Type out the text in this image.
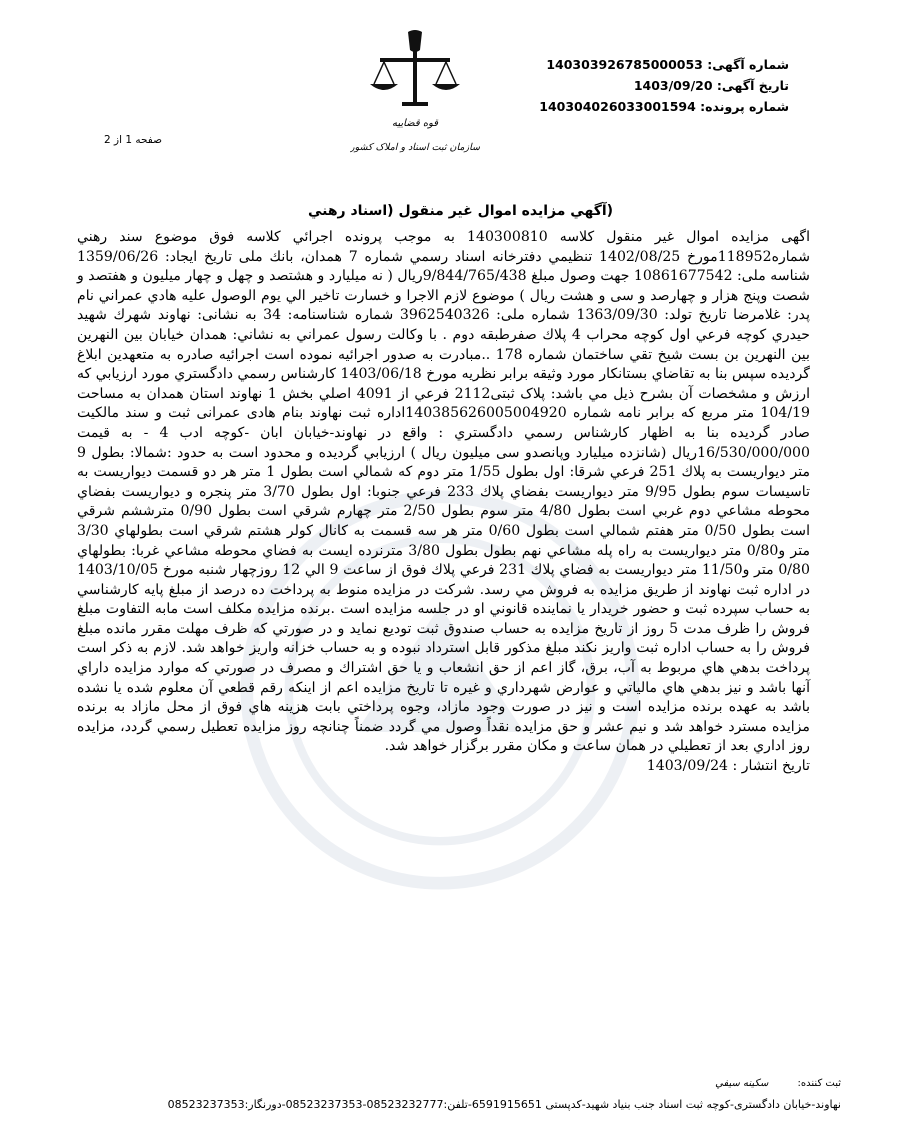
شماره آگهی: 140303926785000053
تاریخ آگهی: 1403/09/20
شماره پرونده: 140304026033001594
قوه قضاییه
سازمان ثبت اسناد و املاک کشور
صفحه 1 از 2
(آگهي مزايده اموال غير منقول (اسناد رهني

اگهی مزایده اموال غير منقول كلاسه 140300810 به موجب پرونده اجرائي كلاسه فوق موضوع سند رهني شماره118952مورخ 1402/08/25 تنظيمي دفترخانه اسناد رسمي شماره 7 همدان، بانك ملی تاریخ ایجاد: 1359/06/26 شناسه ملی: 10861677542 جهت وصول مبلغ 9/844/765/438ريال ( نه ميليارد و هشتصد و چهل و چهار ميليون و هفتصد و شصت وپنج هزار و چهارصد و سی و هشت ريال ) موضوع لازم الاجرا و خسارت تاخير الي يوم الوصول عليه هادي عمراني نام پدر: غلامرضا تاریخ تولد: 1363/09/30 شماره ملی: 3962540326 شماره شناسنامه: 34 به نشانی: نهاوند شهرك شهيد حيدري كوچه فرعي اول كوچه محراب 4 پلاك صفرطبقه دوم . با وكالت رسول عمراني به نشاني: همدان خيابان بين النهرين بين النهرين بن بست شيخ تقي ساختمان شماره 178 ..مبادرت به صدور اجرائيه نموده است اجرائيه صادره به متعهدين ابلاغ گرديده سپس بنا به تقاضاي بستانكار مورد وثيقه برابر نظريه مورخ 1403/06/18 كارشناس رسمي دادگستري مورد ارزيابي كه ارزش و مشخصات آن بشرح ذيل مي باشد: پلاک ثبتی2112 فرعي از 4091 اصلي بخش 1 نهاوند استان همدان به مساحت 104/19 متر مربع كه برابر نامه شماره 140385626005004920اداره ثبت نهاوند بنام هادی عمرانی ثبت و سند مالكيت صادر گرديده بنا به اظهار كارشناس رسمي دادگستري : واقع در نهاوند-خيابان ابان -كوچه ادب 4 - به قيمت 16/530/000/000ريال (شانزده ميليارد وپانصدو سی ميليون ريال ) ارزيابي گرديده و محدود است به حدود :شمالا: بطول 9 متر ديواريست به پلاك 251 فرعي شرقا: اول بطول 1/55 متر دوم كه شمالي است بطول 1 متر هر دو قسمت ديواريست به تاسيسات سوم بطول 9/95 متر ديواريست بفضاي پلاك 233 فرعي جنوبا: اول بطول 3/70 متر پنجره و ديواريست بفضاي محوطه مشاعي دوم غربي است بطول 4/80 متر سوم بطول 2/50 متر چهارم شرقي است بطول 0/90 مترششم شرقي است بطول 0/50 متر هفتم شمالي است بطول 0/60 متر هر سه قسمت به كانال كولر هشتم شرقي است بطولهاي 3/30 متر و0/80 متر ديواريست به راه پله مشاعي نهم بطول بطول 3/80 مترنرده ايست به فضاي محوطه مشاعي غربا: بطولهاي 0/80 متر و11/50 متر ديواريست به فضاي پلاك 231 فرعي پلاك فوق از ساعت 9 الي 12 روزچهار شنبه مورخ 1403/10/05 در اداره ثبت نهاوند از طريق مزايده به فروش مي رسد. شركت در مزايده منوط به پرداخت ده درصد از مبلغ پايه كارشناسي به حساب سپرده ثبت و حضور خريدار يا نماينده قانوني او در جلسه مزايده است .برنده مزايده مكلف است مابه التفاوت مبلغ فروش را ظرف مدت 5 روز از تاريخ مزايده به حساب صندوق ثبت توديع نمايد و در صورتي كه ظرف مهلت مقرر مانده مبلغ فروش را به حساب اداره ثبت واريز نكند مبلغ مذكور قابل استرداد نبوده و به حساب خزانه واريز خواهد شد. لازم به ذكر است پرداخت بدهي هاي مربوط به آب، برق، گاز اعم از حق انشعاب و يا حق اشتراك و مصرف در صورتي كه موارد مزايده داراي آنها باشد و نيز بدهي هاي مالياتي و عوارض شهرداري و غيره تا تاريخ مزايده اعم از اينكه رقم قطعي آن معلوم شده يا نشده باشد به عهده برنده مزايده است و نيز در صورت وجود مازاد، وجوه پرداختي بابت هزينه هاي فوق از محل مازاد به برنده مزايده مسترد خواهد شد و نيم عشر و حق مزايده نقداً وصول مي گردد ضمناً چنانچه روز مزايده تعطيل رسمي گردد، مزايده روز اداري بعد از تعطيلي در همان ساعت و مكان مقرر برگزار خواهد شد.

تاريخ انتشار : 1403/09/24
ثبت كننده: سكينه سيفي
نهاوند-خیابان دادگستری-کوچه ثبت اسناد جنب بنیاد شهید-کدپستی 6591915651-تلفن:08523232777-08523237353-دورنگار:08523237353
